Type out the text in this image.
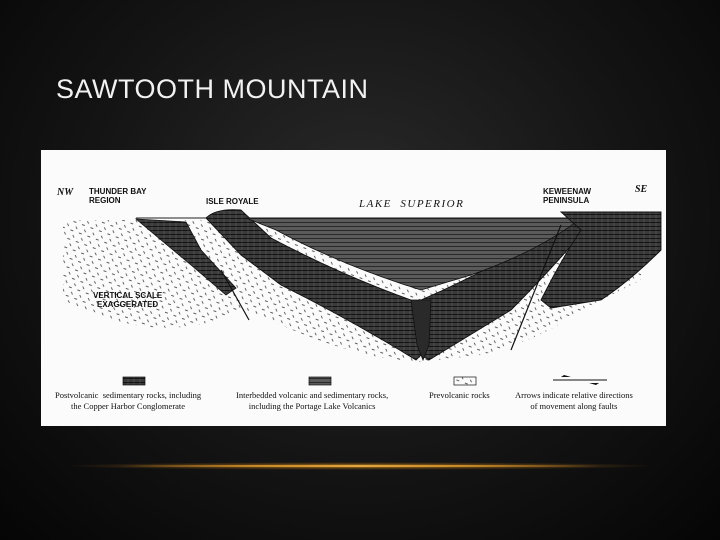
SAWTOOTH MOUNTAIN
NW	SE
THUNDER BAY
REGION	ISLE ROYALE	LAKE  SUPERIOR
KEWEENAW
PENINSULA
VERTICAL SCALE
EXAGGERATED
Postvolcanic  sedimentary rocks, including
the Copper Harbor Conglomerate
Interbedded volcanic and sedimentary rocks,
including the Portage Lake Volcanics
Prevolcanic rocks	Arrows indicate relative directions
of movement along faults
